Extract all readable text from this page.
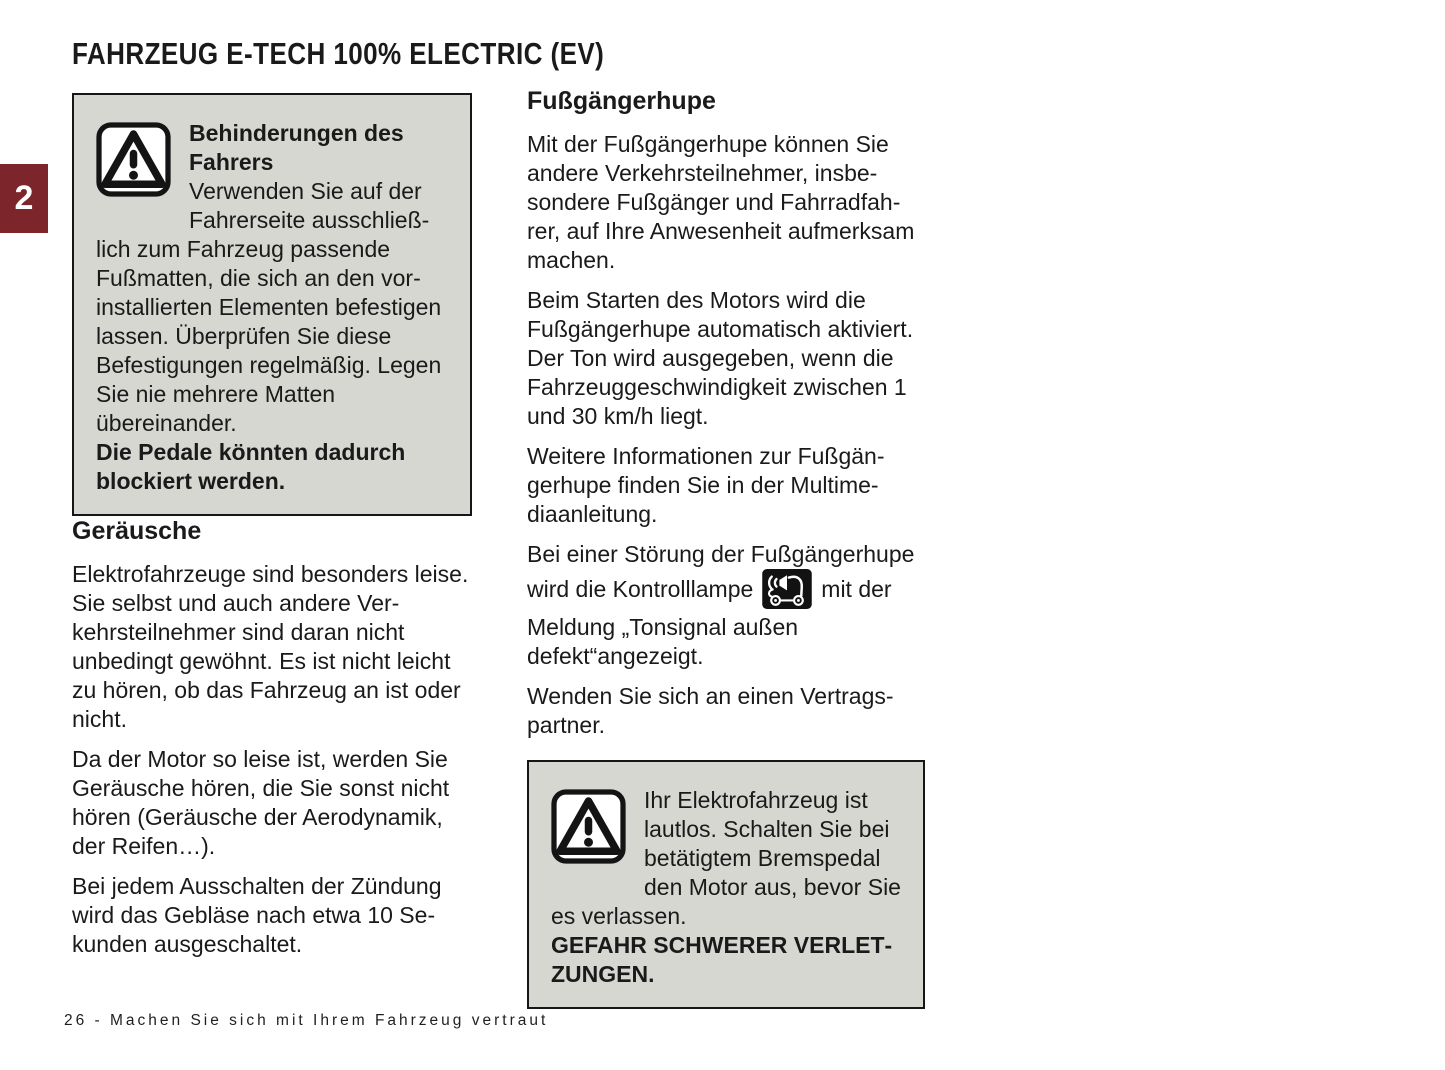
FAHRZEUG E-TECH 100% ELECTRIC (EV)
2
Behinderungen des Fahrers
Verwenden Sie auf der Fahrerseite ausschließlich zum Fahrzeug passende Fußmatten, die sich an den vorinstallierten Elementen befestigen lassen. Überprüfen Sie diese Befestigungen regelmäßig. Legen Sie nie mehrere Matten übereinander.
Die Pedale könnten dadurch blockiert werden.
Geräusche

Elektrofahrzeuge sind besonders leise. Sie selbst und auch andere Verkehrsteilnehmer sind daran nicht unbedingt gewöhnt. Es ist nicht leicht zu hören, ob das Fahrzeug an ist oder nicht.

Da der Motor so leise ist, werden Sie Geräusche hören, die Sie sonst nicht hören (Geräusche der Aerodynamik, der Reifen…).

Bei jedem Ausschalten der Zündung wird das Gebläse nach etwa 10 Sekunden ausgeschaltet.

Fußgängerhupe

Mit der Fußgängerhupe können Sie andere Verkehrsteilnehmer, insbesondere Fußgänger und Fahrradfahrer, auf Ihre Anwesenheit aufmerksam machen.

Beim Starten des Motors wird die Fußgängerhupe automatisch aktiviert. Der Ton wird ausgegeben, wenn die Fahrzeuggeschwindigkeit zwischen 1 und 30 km/h liegt.

Weitere Informationen zur Fußgängerhupe finden Sie in der Multimediaanleitung.

Bei einer Störung der Fußgängerhupe wird die Kontrolllampe	mit der Meldung „Tonsignal außen defekt“angezeigt.

Wenden Sie sich an einen Vertragspartner.

Ihr Elektrofahrzeug ist lautlos. Schalten Sie bei betätigtem Bremspedal den Motor aus, bevor Sie es verlassen.
GEFAHR SCHWERER VERLETZUNGEN.
26 - Machen Sie sich mit Ihrem Fahrzeug vertraut
